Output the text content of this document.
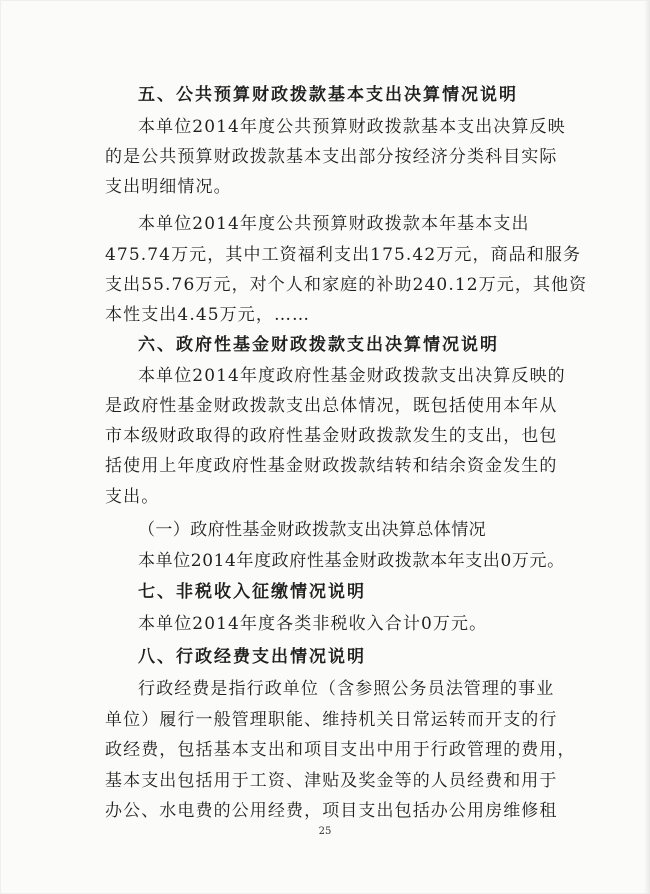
五、公共预算财政拨款基本支出决算情况说明
本单位2014年度公共预算财政拨款基本支出决算反映
的是公共预算财政拨款基本支出部分按经济分类科目实际
支出明细情况。
本单位2014年度公共预算财政拨款本年基本支出
475.74万元，其中工资福利支出175.42万元，商品和服务
支出55.76万元，对个人和家庭的补助240.12万元，其他资
本性支出4.45万元，……
六、政府性基金财政拨款支出决算情况说明
本单位2014年度政府性基金财政拨款支出决算反映的
是政府性基金财政拨款支出总体情况，既包括使用本年从
市本级财政取得的政府性基金财政拨款发生的支出，也包
括使用上年度政府性基金财政拨款结转和结余资金发生的
支出。
（一）政府性基金财政拨款支出决算总体情况
本单位2014年度政府性基金财政拨款本年支出0万元。
七、非税收入征缴情况说明
本单位2014年度各类非税收入合计0万元。
八、行政经费支出情况说明
行政经费是指行政单位（含参照公务员法管理的事业
单位）履行一般管理职能、维持机关日常运转而开支的行
政经费，包括基本支出和项目支出中用于行政管理的费用，
基本支出包括用于工资、津贴及奖金等的人员经费和用于
办公、水电费的公用经费，项目支出包括办公用房维修租
25
